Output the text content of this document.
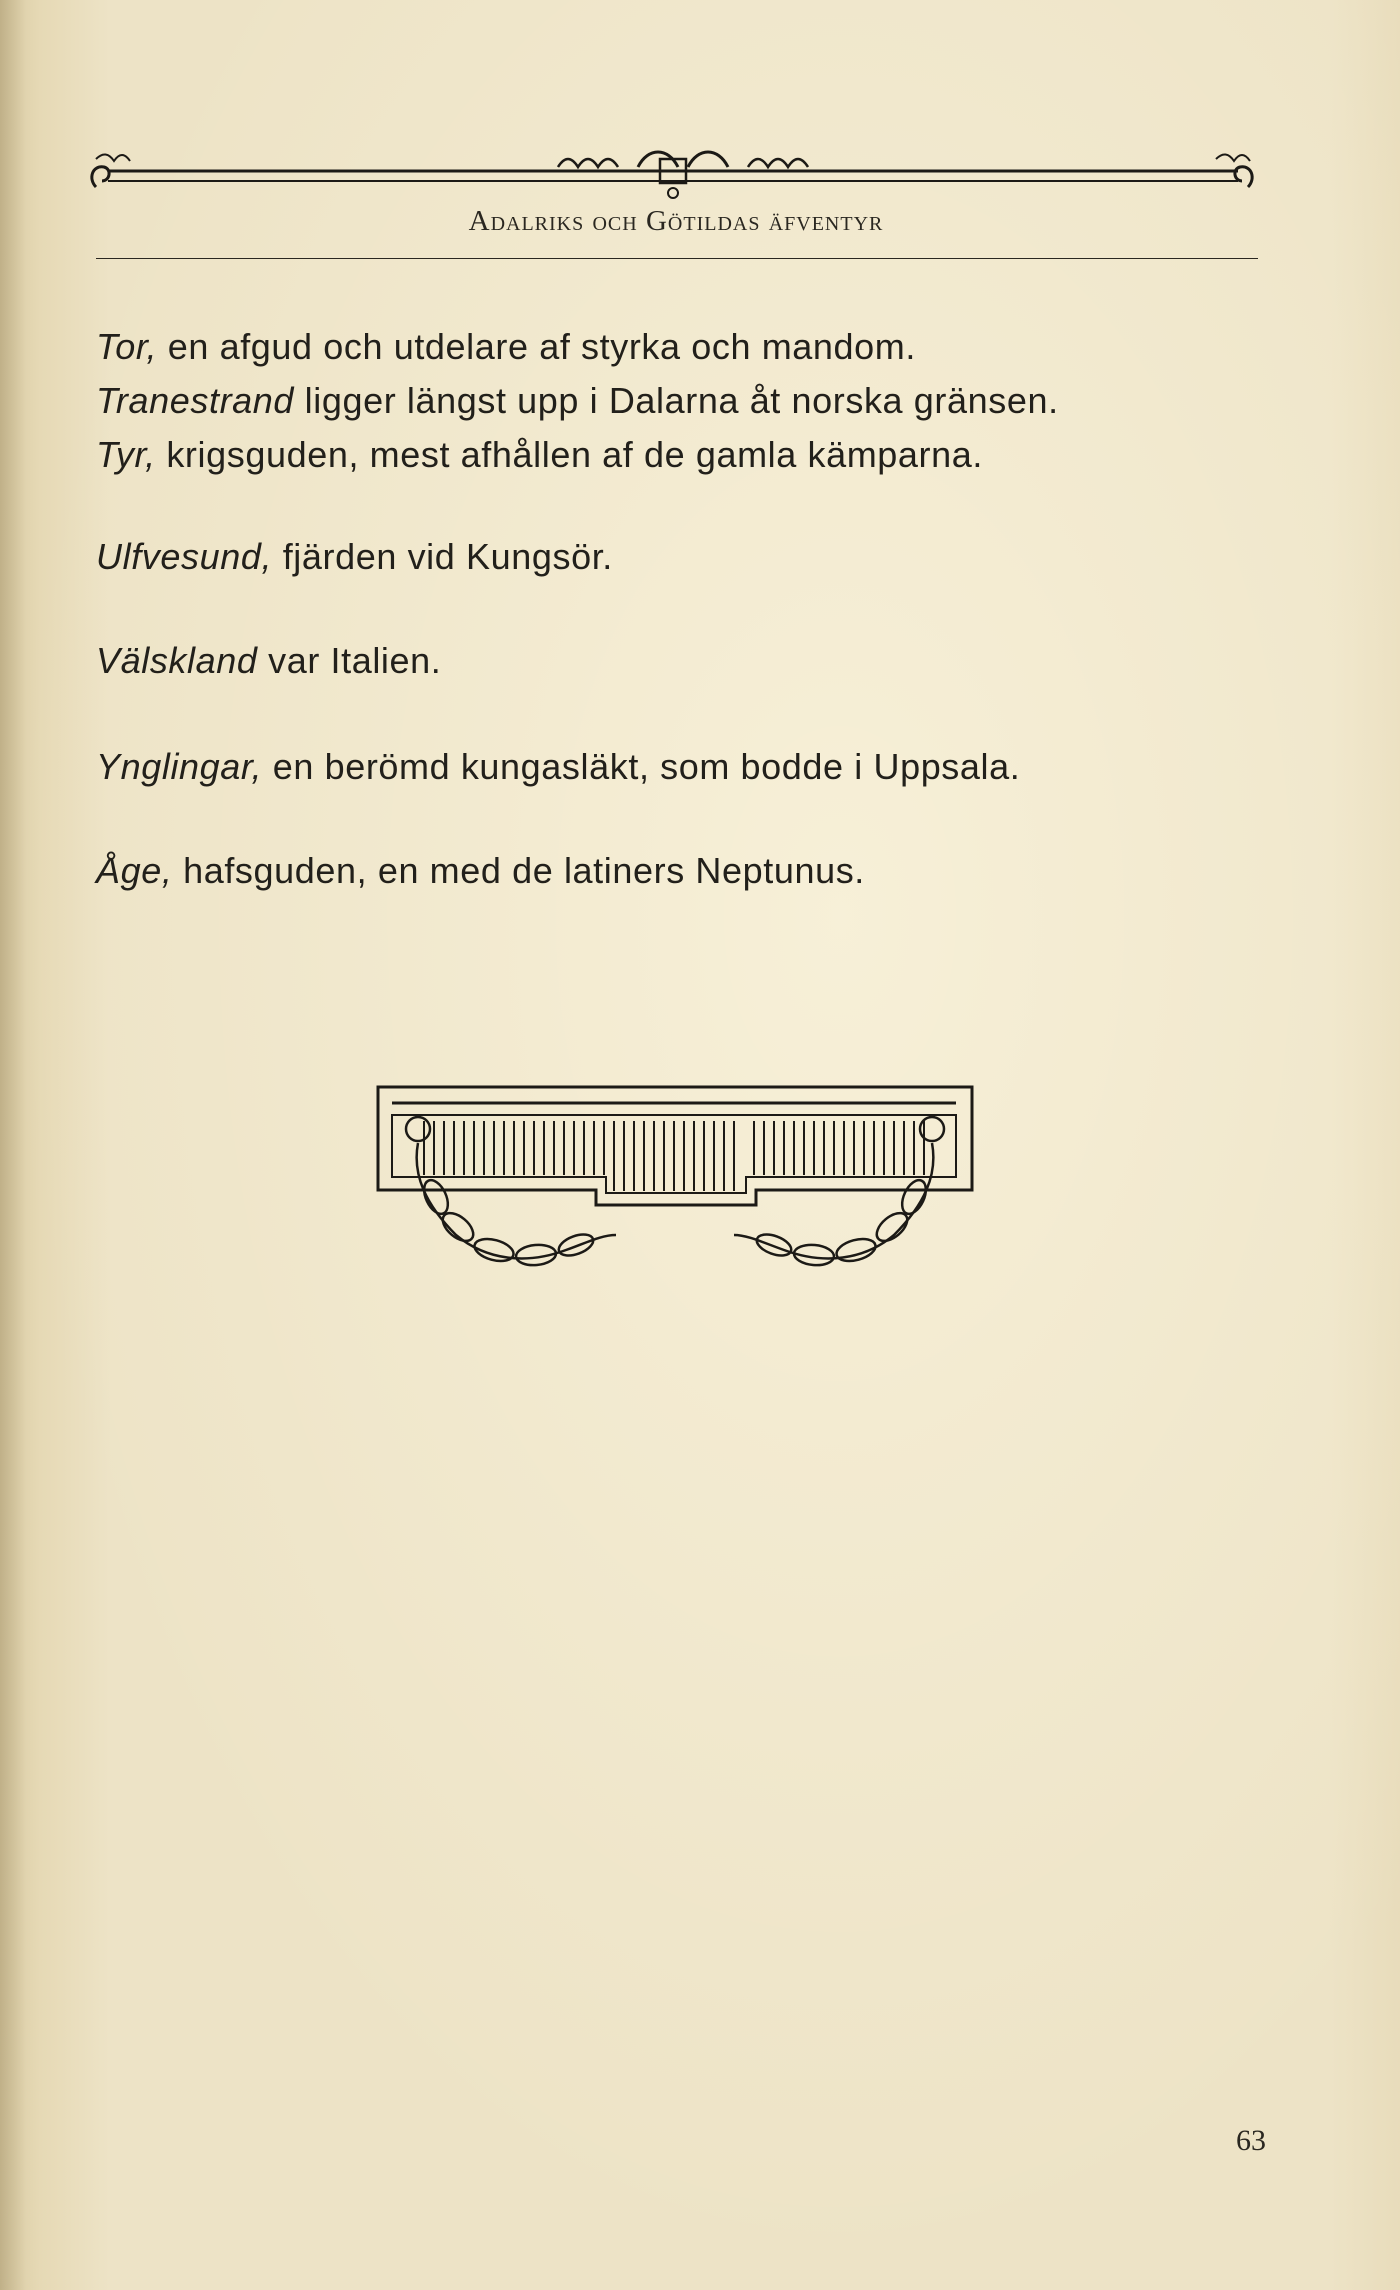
Adalriks och Götildas äfventyr
Tor, en afgud och utdelare af styrka och mandom.
Tranestrand ligger längst upp i Dalarna åt norska gränsen.
Tyr, krigsguden, mest afhållen af de gamla kämparna.
Ulfvesund, fjärden vid Kungsör.
Välskland var Italien.
Ynglingar, en berömd kungasläkt, som bodde i Uppsala.
Åge, hafsguden, en med de latiners Neptunus.
63
